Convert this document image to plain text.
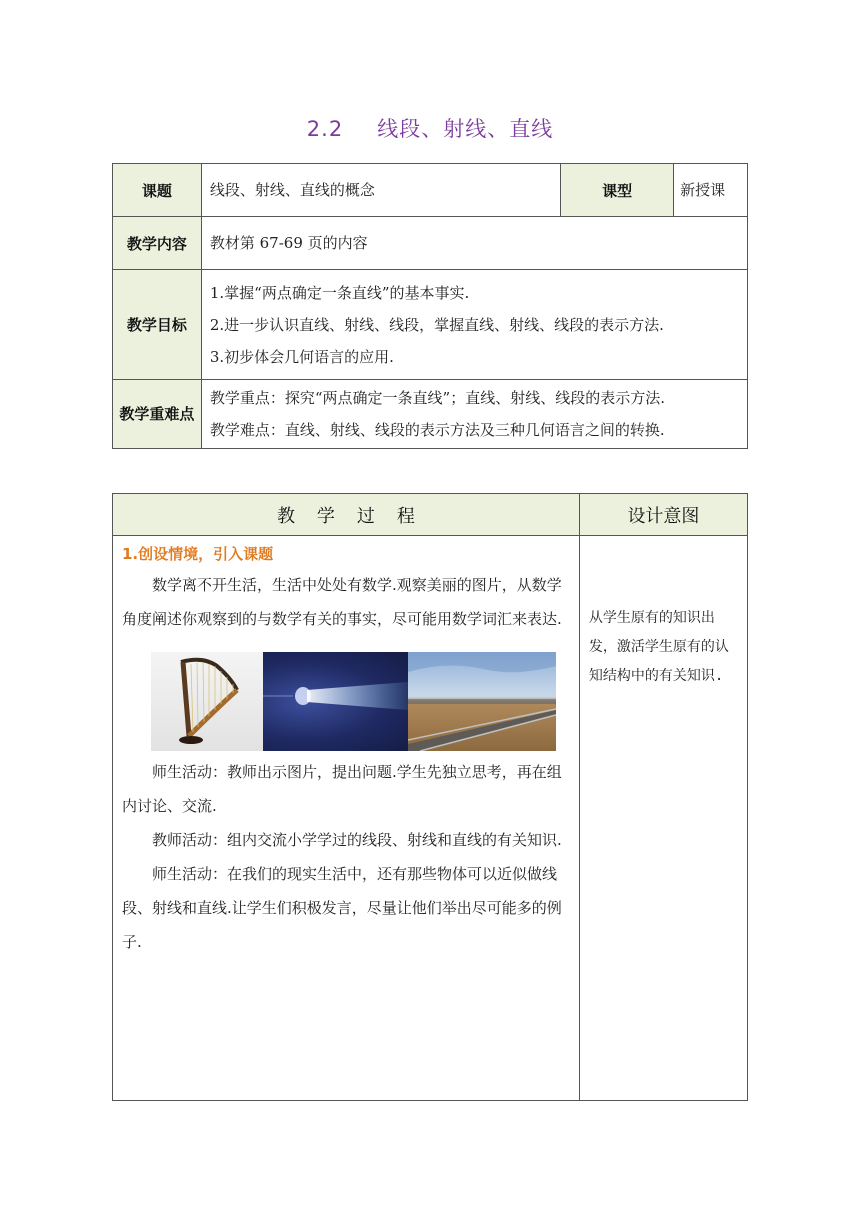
2.2 线段、射线、直线
课题	线段、射线、直线的概念	课型	新授课
教学内容	教材第 67-69 页的内容		
教学目标	1.掌握“两点确定一条直线”的基本事实.
2.进一步认识直线、射线、线段，掌握直线、射线、线段的表示方法.
3.初步体会几何语言的应用.		

教学重难点	教学重点：探究“两点确定一条直线”；直线、射线、线段的表示方法.
教学难点：直线、射线、线段的表示方法及三种几何语言之间的转换.		
教学过程	设计意图

1.创设情境，引入课题

数学离不开生活，生活中处处有数学.观察美丽的图片，从数学角度阐述你观察到的与数学有关的事实，尽可能用数学词汇来表达.

师生活动：教师出示图片，提出问题.学生先独立思考，再在组内讨论、交流.

教师活动：组内交流小学学过的线段、射线和直线的有关知识.

师生活动：在我们的现实生活中，还有那些物体可以近似做线段、射线和直线.让学生们积极发言，尽量让他们举出尽可能多的例子.	从学生原有的知识出发，激活学生原有的认知结构中的有关知识.
